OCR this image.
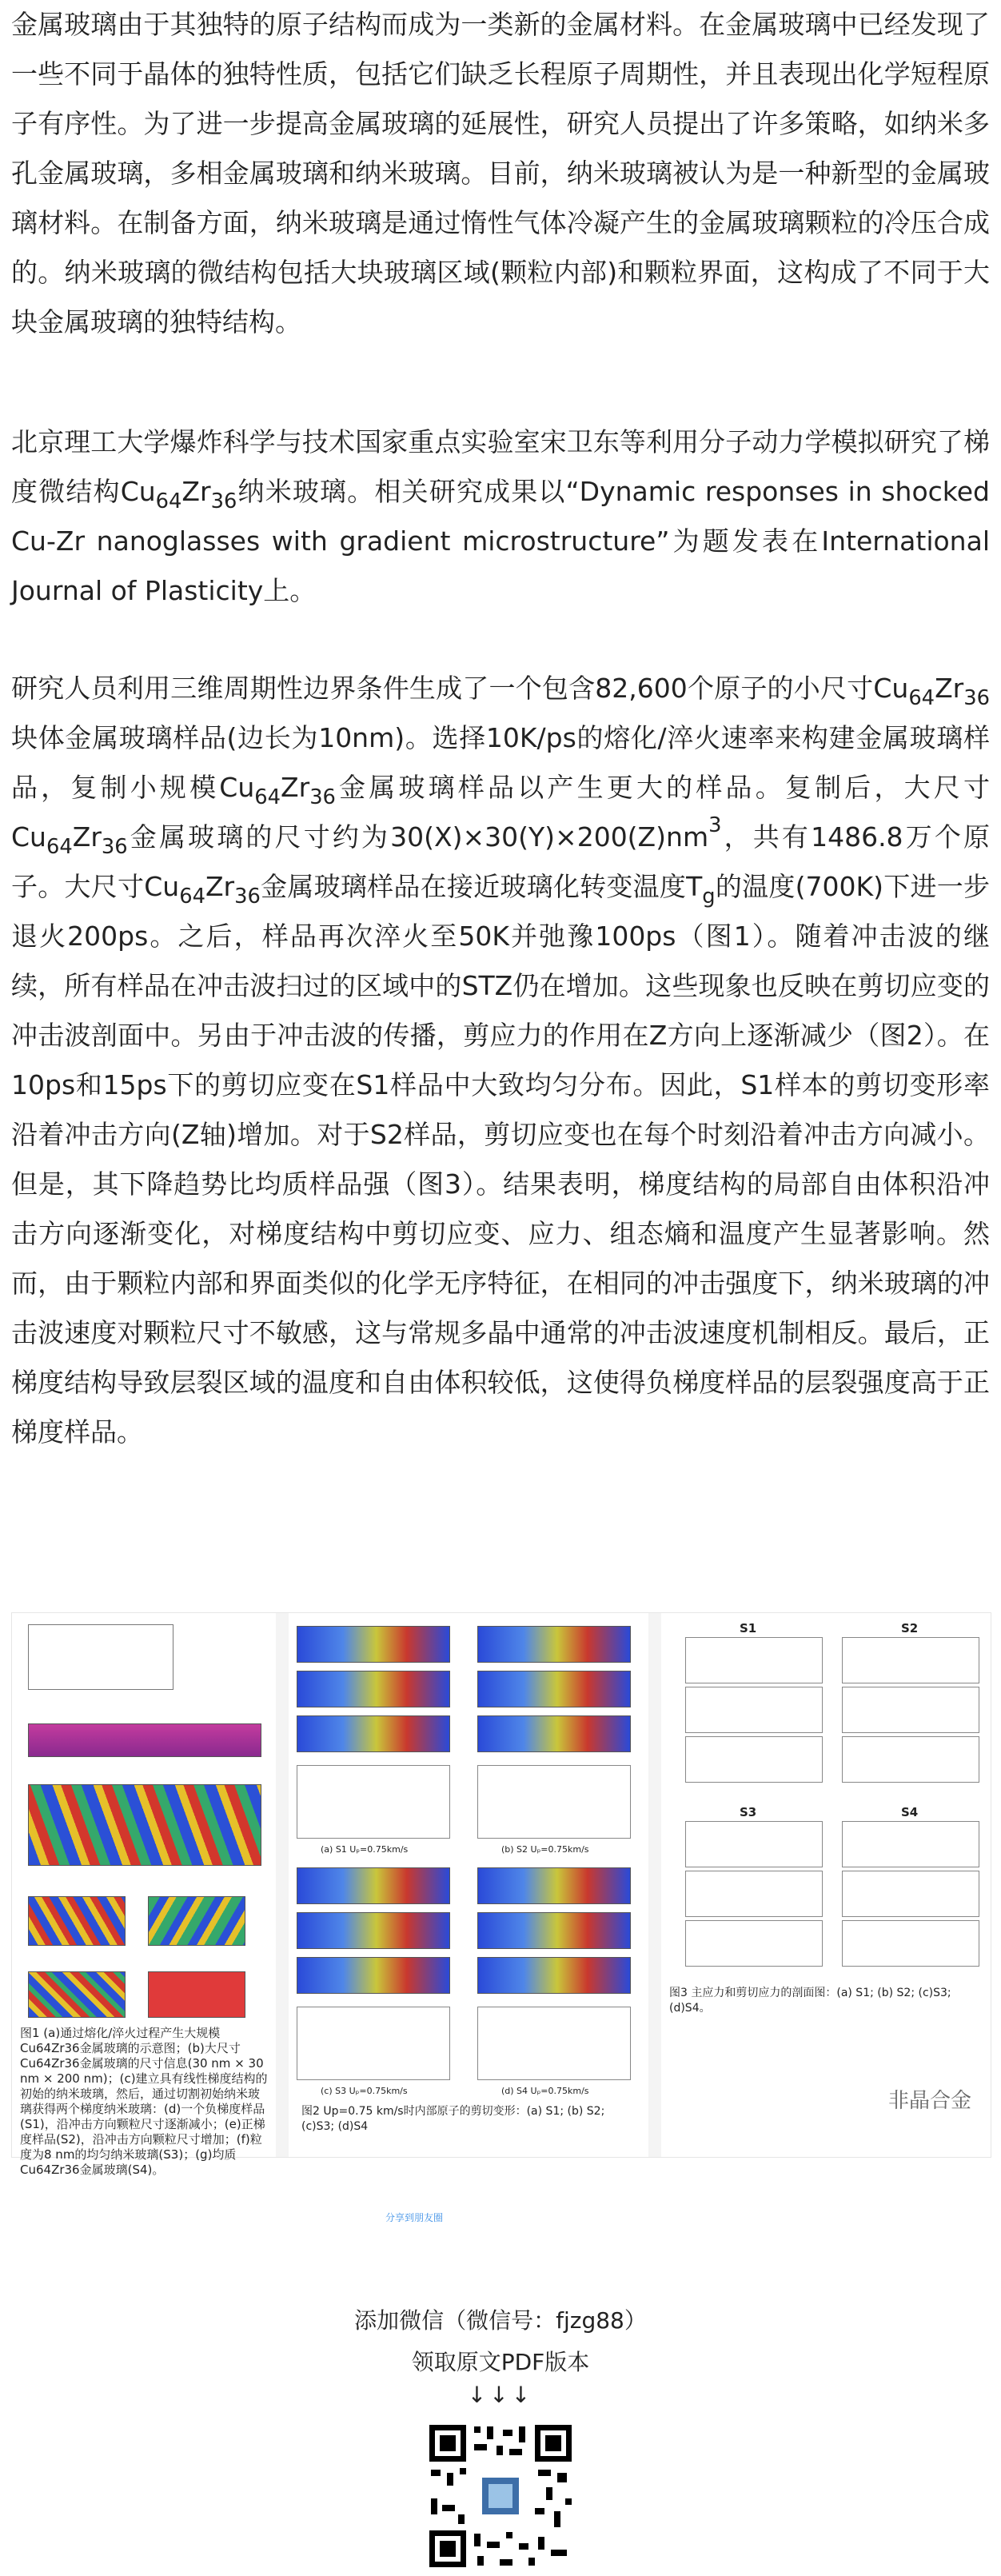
金属玻璃由于其独特的原子结构而成为一类新的金属材料。在金属玻璃中已经发现了一些不同于晶体的独特性质，包括它们缺乏长程原子周期性，并且表现出化学短程原子有序性。为了进一步提高金属玻璃的延展性，研究人员提出了许多策略，如纳米多孔金属玻璃，多相金属玻璃和纳米玻璃。目前，纳米玻璃被认为是一种新型的金属玻璃材料。在制备方面，纳米玻璃是通过惰性气体冷凝产生的金属玻璃颗粒的冷压合成的。纳米玻璃的微结构包括大块玻璃区域(颗粒内部)和颗粒界面，这构成了不同于大块金属玻璃的独特结构。

北京理工大学爆炸科学与技术国家重点实验室宋卫东等利用分子动力学模拟研究了梯度微结构$Cu_{64}Zr_{36}$纳米玻璃。相关研究成果以“Dynamic responses in shocked Cu-Zr nanoglasses with gradient microstructure”为题发表在International Journal of Plasticity上。

研究人员利用三维周期性边界条件生成了一个包含82,600个原子的小尺寸$Cu_{64}Zr_{36}$块体金属玻璃样品(边长为10nm)。选择10K/ps的熔化/淬火速率来构建金属玻璃样品，复制小规模$Cu_{64}Zr_{36}$金属玻璃样品以产生更大的样品。复制后，大尺寸$Cu_{64}Zr_{36}$金属玻璃的尺寸约为$30(X)\times 30(Y)\times 200(Z)nm^3$，共有1486.8万个原子。大尺寸$Cu_{64}Zr_{36}$金属玻璃样品在接近玻璃化转变温度$T_g$的温度(700K)下进一步退火200ps。之后，样品再次淬火至50K并弛豫100ps（图1）。随着冲击波的继续，所有样品在冲击波扫过的区域中的STZ仍在增加。这些现象也反映在剪切应变的冲击波剖面中。另由于冲击波的传播，剪应力的作用在Z方向上逐渐减少（图2）。在10ps和15ps下的剪切应变在S1样品中大致均匀分布。因此，S1样本的剪切变形率沿着冲击方向(Z轴)增加。对于S2样品，剪切应变也在每个时刻沿着冲击方向减小。但是，其下降趋势比均质样品强（图3）。结果表明，梯度结构的局部自由体积沿冲击方向逐渐变化，对梯度结构中剪切应变、应力、组态熵和温度产生显著影响。然而，由于颗粒内部和界面类似的化学无序特征，在相同的冲击强度下，纳米玻璃的冲击波速度对颗粒尺寸不敏感，这与常规多晶中通常的冲击波速度机制相反。最后，正梯度结构导致层裂区域的温度和自由体积较低，这使得负梯度样品的层裂强度高于正梯度样品。

图1 (a)通过熔化/淬火过程产生大规模Cu64Zr36金属玻璃的示意图；(b)大尺寸Cu64Zr36金属玻璃的尺寸信息(30 nm × 30 nm × 200 nm)；(c)建立具有线性梯度结构的初始的纳米玻璃，然后，通过切割初始纳米玻璃获得两个梯度纳米玻璃：(d)一个负梯度样品(S1)，沿冲击方向颗粒尺寸逐渐减小；(e)正梯度样品(S2)，沿冲击方向颗粒尺寸增加；(f)粒度为8 nm的均匀纳米玻璃(S3)；(g)均质Cu64Zr36金属玻璃(S4)。
(a) S1 Uₚ=0.75km/s	(b) S2 Uₚ=0.75km/s
(c) S3 Uₚ=0.75km/s	(d) S4 Uₚ=0.75km/s
图2 Up=0.75 km/s时内部原子的剪切变形：(a) S1; (b) S2; (c)S3; (d)S4
S1	S2
S3	S4
图3 主应力和剪切应力的剖面图：(a) S1; (b) S2; (c)S3; (d)S4。
非晶合金
分享到朋友圈
添加微信（微信号：fjzg88）
领取原文PDF版本
↓↓↓
